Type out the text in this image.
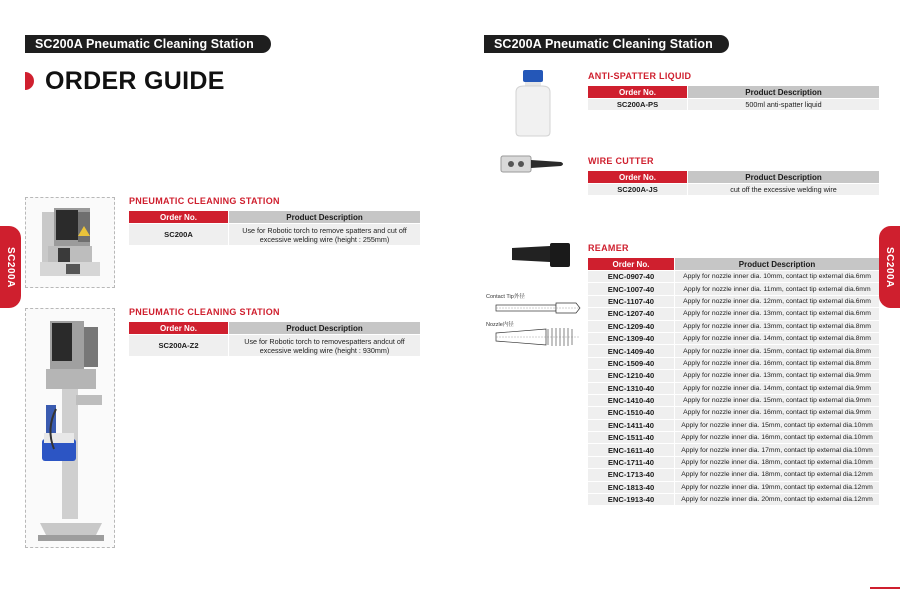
SC200A Pneumatic Cleaning Station	SC200A Pneumatic Cleaning Station
ORDER GUIDE
SC200A	SC200A
PNEUMATIC CLEANING STATION
Order No.	Product Description
SC200A	Use for Robotic torch to remove spatters and cut off excessive welding wire (height : 255mm)
PNEUMATIC CLEANING STATION
Order No.	Product Description
SC200A-Z2	Use for Robotic torch to removespatters andcut off excessive welding wire (height : 930mm)
ANTI-SPATTER LIQUID
Order No.	Product Description
SC200A-PS	500ml anti-spatter liquid
WIRE CUTTER
Order No.	Product Description
SC200A-JS	cut off the excessive welding wire
Contact Tip外径
Nozzle内径
REAMER
Order No.	Product Description
ENC-0907-40	Apply for nozzle inner dia. 10mm, contact tip external dia.6mm
ENC-1007-40	Apply for nozzle inner dia. 11mm, contact tip external dia.6mm
ENC-1107-40	Apply for nozzle inner dia. 12mm, contact tip external dia.6mm
ENC-1207-40	Apply for nozzle inner dia. 13mm, contact tip external dia.6mm
ENC-1209-40	Apply for nozzle inner dia. 13mm, contact tip external dia.8mm
ENC-1309-40	Apply for nozzle inner dia. 14mm, contact tip external dia.8mm
ENC-1409-40	Apply for nozzle inner dia. 15mm, contact tip external dia.8mm
ENC-1509-40	Apply for nozzle inner dia. 16mm, contact tip external dia.8mm
ENC-1210-40	Apply for nozzle inner dia. 13mm, contact tip external dia.9mm
ENC-1310-40	Apply for nozzle inner dia. 14mm, contact tip external dia.9mm
ENC-1410-40	Apply for nozzle inner dia. 15mm, contact tip external dia.9mm
ENC-1510-40	Apply for nozzle inner dia. 16mm, contact tip external dia.9mm
ENC-1411-40	Apply for nozzle inner dia. 15mm, contact tip external dia.10mm
ENC-1511-40	Apply for nozzle inner dia. 16mm, contact tip external dia.10mm
ENC-1611-40	Apply for nozzle inner dia. 17mm, contact tip external dia.10mm
ENC-1711-40	Apply for nozzle inner dia. 18mm, contact tip external dia.10mm
ENC-1713-40	Apply for nozzle inner dia. 18mm, contact tip external dia.12mm
ENC-1813-40	Apply for nozzle inner dia. 19mm, contact tip external dia.12mm
ENC-1913-40	Apply for nozzle inner dia. 20mm, contact tip external dia.12mm
